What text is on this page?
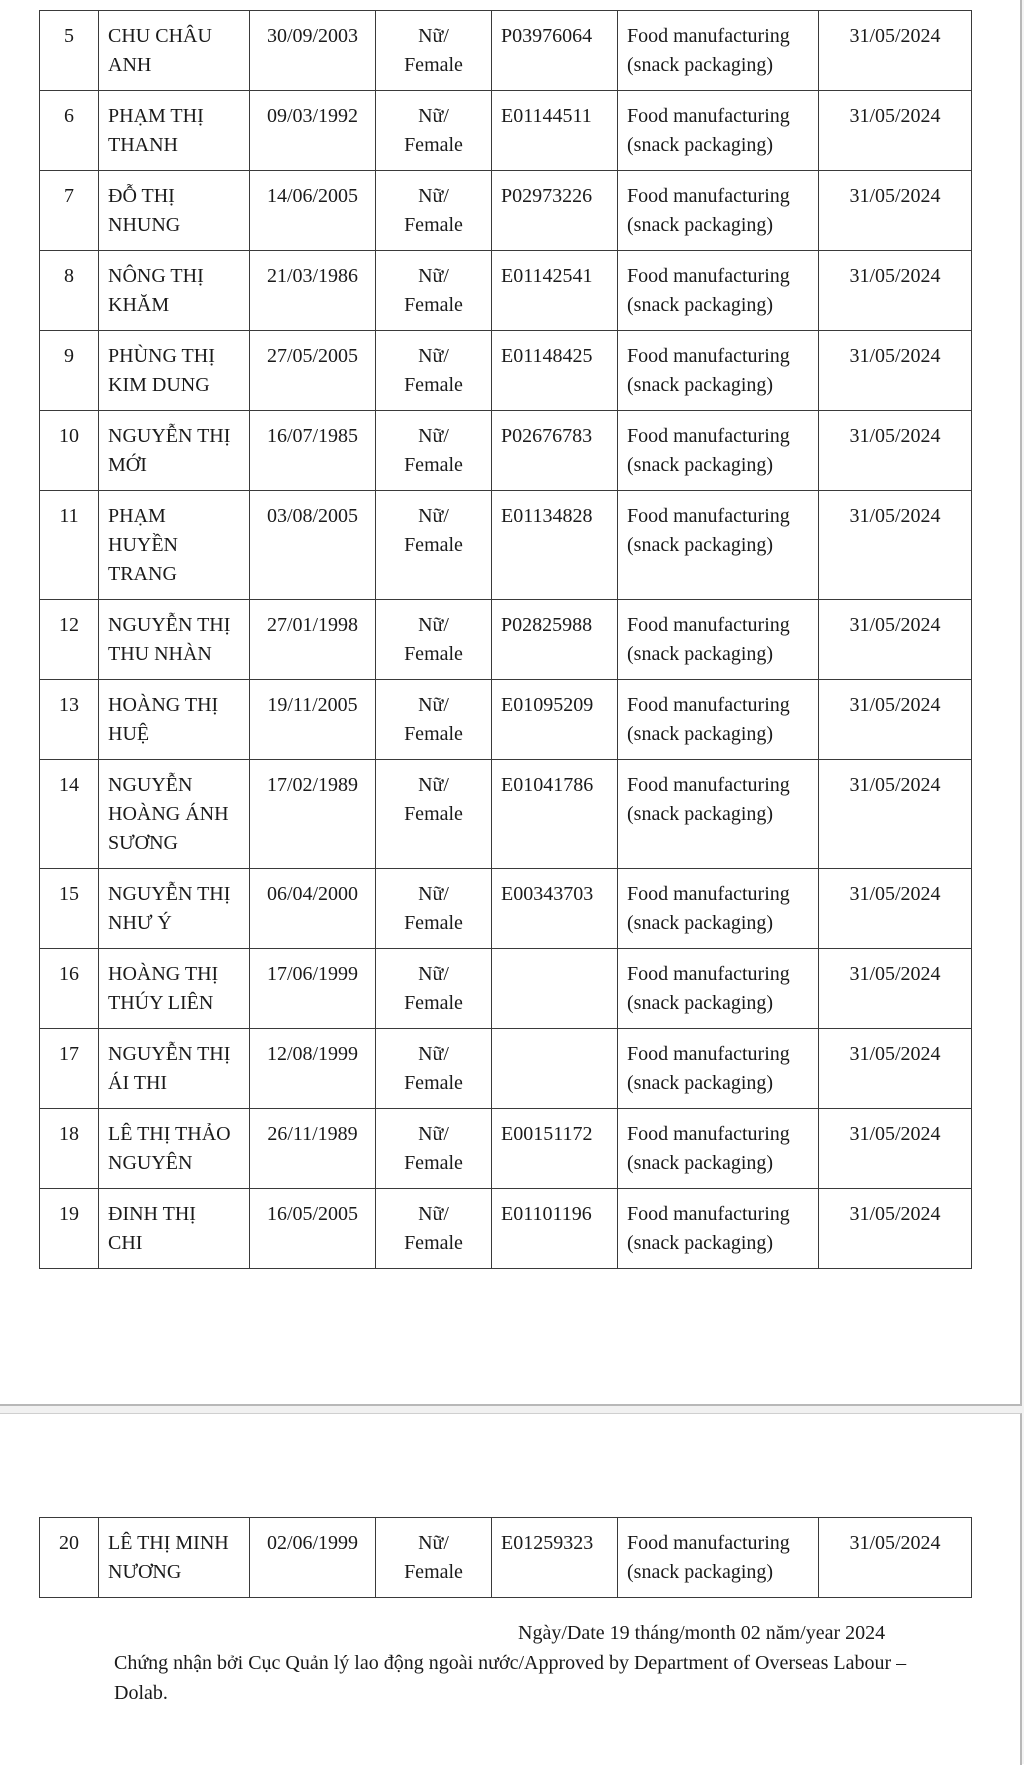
5	CHU CHÂU
ANH	30/09/2003	Nữ/
Female	P03976064	Food manufacturing
(snack packaging)	31/05/2024
6	PHẠM THỊ
THANH	09/03/1992	Nữ/
Female	E01144511	Food manufacturing
(snack packaging)	31/05/2024
7	ĐỖ THỊ
NHUNG	14/06/2005	Nữ/
Female	P02973226	Food manufacturing
(snack packaging)	31/05/2024
8	NÔNG THỊ
KHĂM	21/03/1986	Nữ/
Female	E01142541	Food manufacturing
(snack packaging)	31/05/2024
9	PHÙNG THỊ
KIM DUNG	27/05/2005	Nữ/
Female	E01148425	Food manufacturing
(snack packaging)	31/05/2024
10	NGUYỄN THỊ
MỚI	16/07/1985	Nữ/
Female	P02676783	Food manufacturing
(snack packaging)	31/05/2024
11	PHẠM
HUYỀN
TRANG	03/08/2005	Nữ/
Female	E01134828	Food manufacturing
(snack packaging)	31/05/2024
12	NGUYỄN THỊ
THU NHÀN	27/01/1998	Nữ/
Female	P02825988	Food manufacturing
(snack packaging)	31/05/2024
13	HOÀNG THỊ
HUỆ	19/11/2005	Nữ/
Female	E01095209	Food manufacturing
(snack packaging)	31/05/2024
14	NGUYỄN
HOÀNG ÁNH
SƯƠNG	17/02/1989	Nữ/
Female	E01041786	Food manufacturing
(snack packaging)	31/05/2024
15	NGUYỄN THỊ
NHƯ Ý	06/04/2000	Nữ/
Female	E00343703	Food manufacturing
(snack packaging)	31/05/2024
16	HOÀNG THỊ
THÚY LIÊN	17/06/1999	Nữ/
Female		Food manufacturing
(snack packaging)	31/05/2024
17	NGUYỄN THỊ
ÁI THI	12/08/1999	Nữ/
Female		Food manufacturing
(snack packaging)	31/05/2024
18	LÊ THỊ THẢO
NGUYÊN	26/11/1989	Nữ/
Female	E00151172	Food manufacturing
(snack packaging)	31/05/2024
19	ĐINH THỊ
CHI	16/05/2005	Nữ/
Female	E01101196	Food manufacturing
(snack packaging)	31/05/2024
20	LÊ THỊ MINH
NƯƠNG
	02/06/1999	Nữ/
Female
	E01259323	Food manufacturing
(snack packaging)
	31/05/2024
Ngày/Date 19 tháng/month 02 năm/year 2024
Chứng nhận bởi Cục Quản lý lao động ngoài nước/Approved by Department of Overseas Labour – Dolab.
